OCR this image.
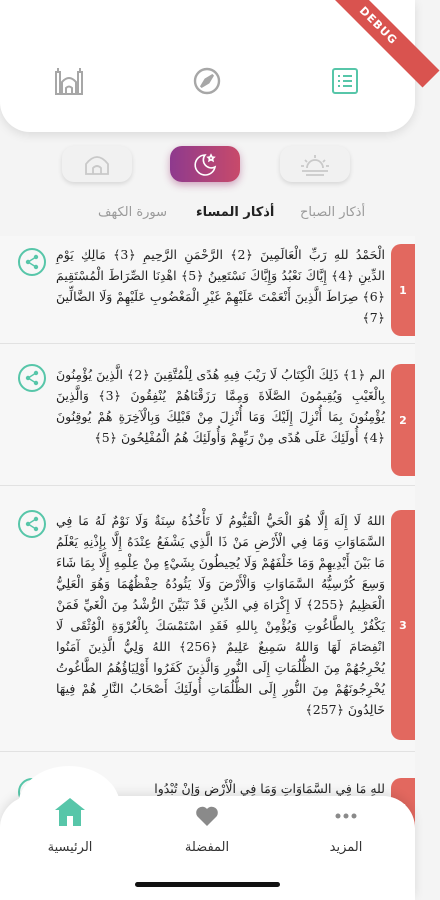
DEBUG
سورة الكهف أذكار المساء أذكار الصباح
الْحَمْدُ للهِ رَبِّ الْعَالَمِينَ ﴿2﴾ الرَّحْمَنِ الرَّحِيمِ ﴿3﴾ مَالِكِ يَوْمِ الدِّينِ ﴿4﴾ إِيَّاكَ نَعْبُدُ وَإِيَّاكَ نَسْتَعِينُ ﴿5﴾ اهْدِنَا الصِّرَاطَ الْمُسْتَقِيمَ ﴿6﴾ صِرَاطَ الَّذِينَ أَنْعَمْتَ عَلَيْهِمْ غَيْرِ الْمَغْضُوبِ عَلَيْهِمْ وَلَا الضَّالِّينَ ﴿7﴾
1
الم ﴿1﴾ ذَلِكَ الْكِتَابُ لَا رَيْبَ فِيهِ هُدًى لِلْمُتَّقِينَ ﴿2﴾ الَّذِينَ يُؤْمِنُونَ بِالْغَيْبِ وَيُقِيمُونَ الصَّلَاةَ وَمِمَّا رَزَقْنَاهُمْ يُنْفِقُونَ ﴿3﴾ وَالَّذِينَ يُؤْمِنُونَ بِمَا أُنْزِلَ إِلَيْكَ وَمَا أُنْزِلَ مِنْ قَبْلِكَ وَبِالْآخِرَةِ هُمْ يُوقِنُونَ ﴿4﴾ أُولَئِكَ عَلَى هُدًى مِنْ رَبِّهِمْ وَأُولَئِكَ هُمُ الْمُفْلِحُونَ ﴿5﴾
2
اللهُ لَا إِلَهَ إِلَّا هُوَ الْحَيُّ الْقَيُّومُ لَا تَأْخُذُهُ سِنَةٌ وَلَا نَوْمٌ لَهُ مَا فِي السَّمَاوَاتِ وَمَا فِي الْأَرْضِ مَنْ ذَا الَّذِي يَشْفَعُ عِنْدَهُ إِلَّا بِإِذْنِهِ يَعْلَمُ مَا بَيْنَ أَيْدِيهِمْ وَمَا خَلْفَهُمْ وَلَا يُحِيطُونَ بِشَيْءٍ مِنْ عِلْمِهِ إِلَّا بِمَا شَاءَ وَسِعَ كُرْسِيُّهُ السَّمَاوَاتِ وَالْأَرْضَ وَلَا يَئُودُهُ حِفْظُهُمَا وَهُوَ الْعَلِيُّ الْعَظِيمُ ﴿255﴾ لَا إِكْرَاهَ فِي الدِّينِ قَدْ تَبَيَّنَ الرُّشْدُ مِنَ الْغَيِّ فَمَنْ يَكْفُرْ بِالطَّاغُوتِ وَيُؤْمِنْ بِاللهِ فَقَدِ اسْتَمْسَكَ بِالْعُرْوَةِ الْوُثْقَى لَا انْفِصَامَ لَهَا وَاللهُ سَمِيعٌ عَلِيمٌ ﴿256﴾ اللهُ وَلِيُّ الَّذِينَ آمَنُوا يُخْرِجُهُمْ مِنَ الظُّلُمَاتِ إِلَى النُّورِ وَالَّذِينَ كَفَرُوا أَوْلِيَاؤُهُمُ الطَّاغُوتُ يُخْرِجُونَهُمْ مِنَ النُّورِ إِلَى الظُّلُمَاتِ أُولَئِكَ أَصْحَابُ النَّارِ هُمْ فِيهَا خَالِدُونَ ﴿257﴾
3
للهِ مَا فِي السَّمَاوَاتِ وَمَا فِي الْأَرْضِ وَإِنْ تُبْدُوا
الرئيسية	المفضلة	المزيد
